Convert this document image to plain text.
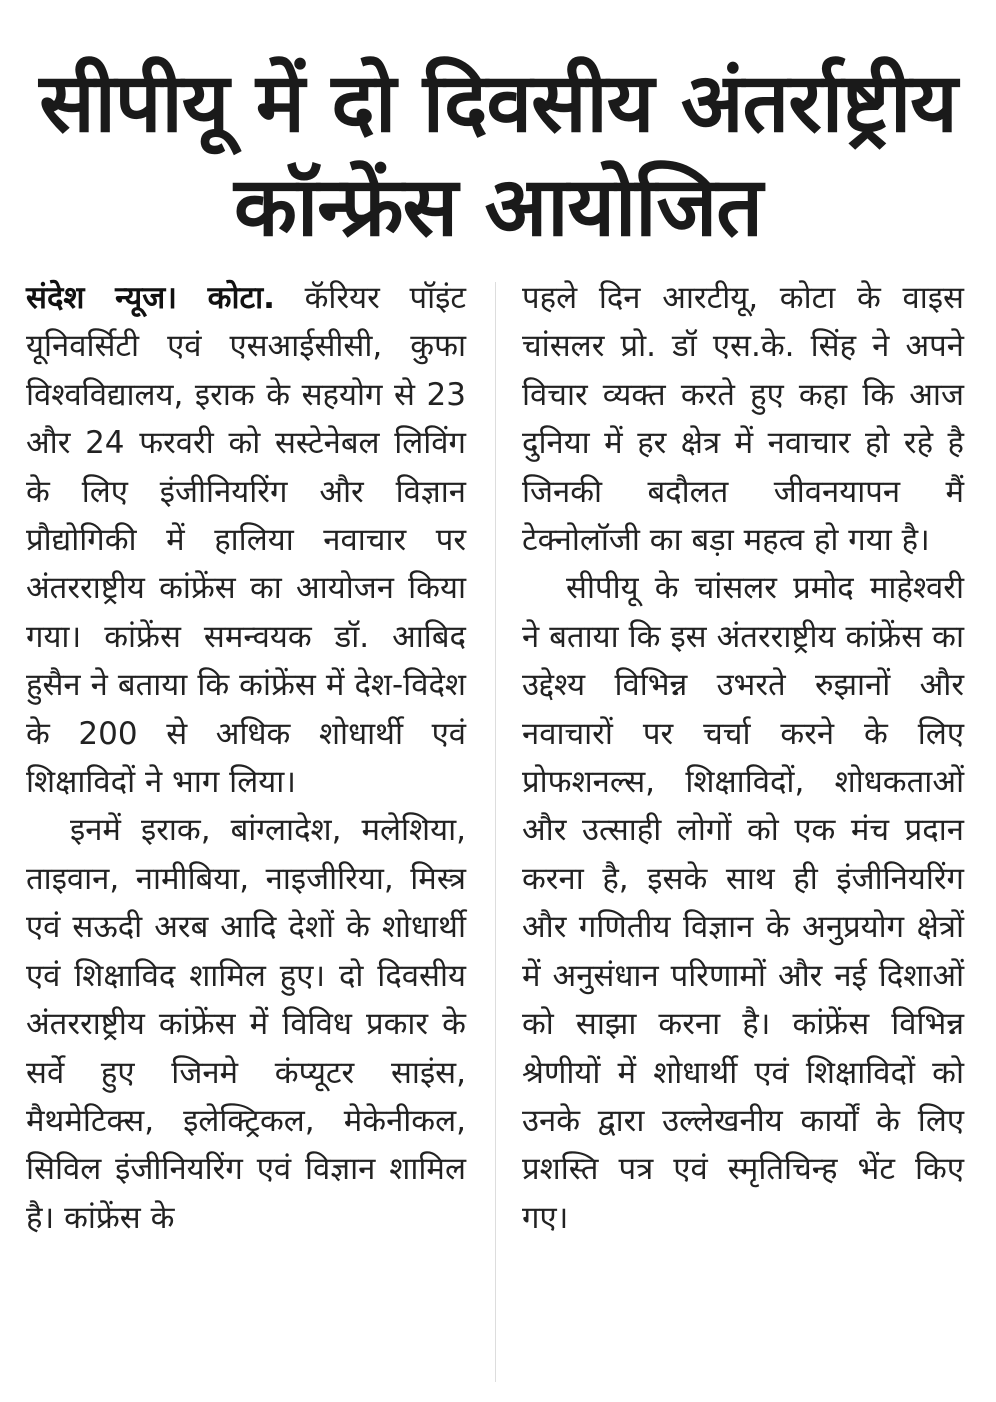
सीपीयू में दो दिवसीय अंतर्राष्ट्रीय
कॉन्फ्रेंस आयोजित

संदेश न्यूज। कोटा. कॅरियर पॉइंट यूनिवर्सिटी एवं एसआईसीसी, कुफा विश्वविद्यालय, इराक के सहयोग से 23 और 24 फरवरी को सस्टेनेबल लिविंग के लिए इंजीनियरिंग और विज्ञान प्रौद्योगिकी में हालिया नवाचार पर अंतरराष्ट्रीय कांफ्रेंस का आयोजन किया गया। कांफ्रेंस समन्वयक डॉ. आबिद हुसैन ने बताया कि कांफ्रेंस में देश-विदेश के 200 से अधिक शोधार्थी एवं शिक्षाविदों ने भाग लिया।

इनमें इराक, बांग्लादेश, मलेशिया, ताइवान, नामीबिया, नाइजीरिया, मिस्त्र एवं सऊदी अरब आदि देशों के शोधार्थी एवं शिक्षाविद शामिल हुए। दो दिवसीय अंतरराष्ट्रीय कांफ्रेंस में विविध प्रकार के सर्वे हुए जिनमे कंप्यूटर साइंस, मैथमेटिक्स, इलेक्ट्रिकल, मेकेनीकल, सिविल इंजीनियरिंग एवं विज्ञान शामिल है। कांफ्रेंस के

पहले दिन आरटीयू, कोटा के वाइस चांसलर प्रो. डॉ एस.के. सिंह ने अपने विचार व्यक्त करते हुए कहा कि आज दुनिया में हर क्षेत्र में नवाचार हो रहे है जिनकी बदौलत जीवनयापन मैं टेक्नोलॉजी का बड़ा महत्व हो गया है।

सीपीयू के चांसलर प्रमोद माहेश्वरी ने बताया कि इस अंतरराष्ट्रीय कांफ्रेंस का उद्देश्य विभिन्न उभरते रुझानों और नवाचारों पर चर्चा करने के लिए प्रोफशनल्स, शिक्षाविदों, शोधकताओं और उत्साही लोगों को एक मंच प्रदान करना है, इसके साथ ही इंजीनियरिंग और गणितीय विज्ञान के अनुप्रयोग क्षेत्रों में अनुसंधान परिणामों और नई दिशाओं को साझा करना है। कांफ्रेंस विभिन्न श्रेणीयों में शोधार्थी एवं शिक्षाविदों को उनके द्वारा उल्लेखनीय कार्यों के लिए प्रशस्ति पत्र एवं स्मृतिचिन्ह भेंट किए गए।
